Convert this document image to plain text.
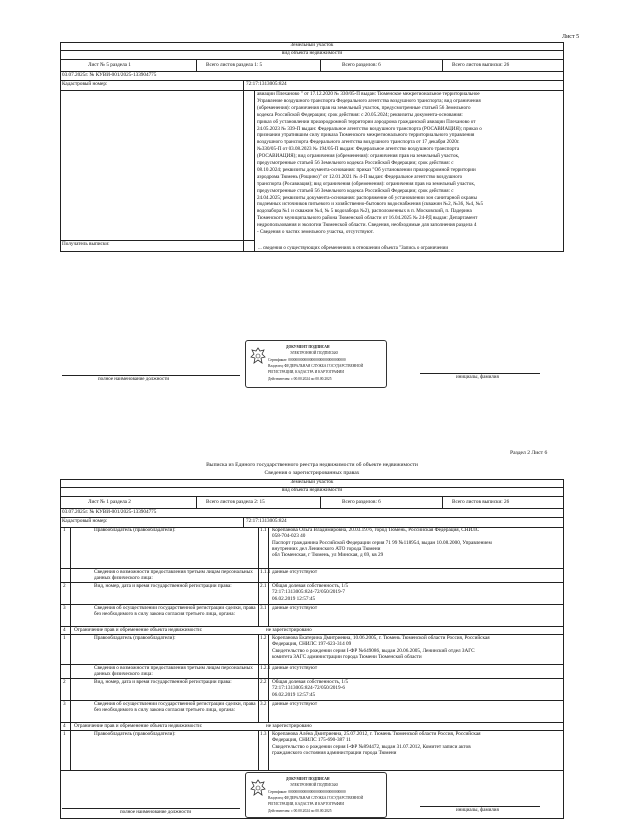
Лист 5
Земельный участок
вид объекта недвижимости
Лист № 5 раздела 1	Всего листов раздела 1: 5	Всего разделов: 6	Всего листов выписки: 26
03.07.2025г. № КУВИ-001/2025-133904775
Кадастровый номер:	72:17:1313005:824
авиации Плеханово " от 17.12.2020 № 330/05-П выдан: Тюменское межрегиональное территориальное
Управление воздушного транспорта Федерального агентства воздушного транспорта; вид ограничения
(обременения): ограничения прав на земельный участок, предусмотренные статьей 56 Земельного
кодекса Российской Федерации; срок действия: с 20.05.2024; реквизиты документа-основания:
приказ об установлении приаэродромной территории аэродрома гражданской авиации Плеханово от
24.05.2023 № 339-П выдан: Федеральное агентство воздушного транспорта (РОСАВИАЦИЯ); приказ о
признании утратившим силу приказа Тюменского межрегионального территориального управления
воздушного транспорта Федерального агентства воздушного транспорта от 17 декабря 2020г.
№330/05-П от 03.08.2023 № 194/05-П выдан: Федеральное агентство воздушного транспорта
(РОСАВИАЦИЯ); вид ограничения (обременения): ограничения прав на земельный участок,
предусмотренные статьей 56 Земельного кодекса Российской Федерации; срок действия: с
08.10.2024; реквизиты документа-основания: приказ "Об установлении приаэродромной территории
аэродрома Тюмень (Рощино)" от 12.01.2021 № 4-П выдан: Федеральное агентство воздушного
транспорта (Росавиация); вид ограничения (обременения): ограничения прав на земельный участок,
предусмотренные статьей 56 Земельного кодекса Российской Федерации; срок действия: с
24.04.2025; реквизиты документа-основания: распоряжение об установлении зон санитарной охраны
подземных источников питьевого и хозяйственно-бытового водоснабжения (скважин №2, №36, №4, №5
водозабора №1 и скважин №4, № 5 водозабора №2), расположенных в п. Московский, п. Падерина
Тюменского муниципального района Тюменской области от 16.04.2025 № 24-РД выдан: Департамент
недропользования и экологии Тюменской области. Сведения, необходимые для заполнения раздела 4
- Сведения о частях земельного участка, отсутствуют.
Получатель выписки:
... сведения о существующих обременениях в отношении объекта "Запись о ограничении
ДОКУМЕНТ ПОДПИСАН
ЭЛЕКТРОННОЙ ПОДПИСЬЮ
Сертификат: 00000000000000000000000000000000
Владелец: ФЕДЕРАЛЬНАЯ СЛУЖБА ГОСУДАРСТВЕННОЙ
РЕГИСТРАЦИИ, КАДАСТРА И КАРТОГРАФИИ
Действителен: с 00.00.2024 по 00.00.2025
полное наименование должности	инициалы, фамилия
Раздел 2 Лист 6
Выписка из Единого государственного реестра недвижимости об объекте недвижимости
Сведения о зарегистрированных правах
Земельный участок
вид объекта недвижимости
Лист № 1 раздела 2	Всего листов раздела 2: 15	Всего разделов: 6	Всего листов выписки: 26
03.07.2025г. № КУВИ-001/2025-133904775
Кадастровый номер:	72:17:1313005:824
1	Правообладатель (правообладатели):	1.1 Корепанова Ольга Владимировна, 20.03.1976, город Тюмень, Российская Федерация, СНИЛС
058-704-023 40
Паспорт гражданина Российской Федерации серия 71 99 №118954, выдан 10.08.2000, Управлением
внутренних дел Ленинского АТО города Тюмени
обл Тюменская, г Тюмень, ул Минская, д 69, кв 29
Сведения о возможности предоставления третьим лицам персональных данных физического лица:
1.1.1 данные отсутствуют
2	Вид, номер, дата и время государственной регистрации права:	2.1 Общая долевая собственность, 1/5
72:17:1313005:824-72/050/2019-7
06.02.2019 12:57:45
3	Сведения об осуществлении государственной регистрации сделки, права без необходимого в силу закона согласия третьего лица, органа:
3.1 данные отсутствуют
4 Ограничение прав и обременение объекта недвижимости:	не зарегистрировано
1	Правообладатель (правообладатели):	1.2 Корепанова Екатерина Дмитриевна, 10.06.2005, г. Тюмень Тюменской области Россия, Российская
Федерация, СНИЛС 197-623-314 09
Свидетельство о рождении серия I-ФР №649086, выдан 20.06.2005, Ленинский отдел ЗАГС
комитета ЗАГС администрации города Тюмени Тюменской области
Сведения о возможности предоставления третьим лицам персональных данных физического лица:
1.2.1 данные отсутствуют
2	Вид, номер, дата и время государственной регистрации права:	2.2 Общая долевая собственность, 1/5
72:17:1313005:824-72/050/2019-6
06.02.2019 12:57:45
3	Сведения об осуществлении государственной регистрации сделки, права без необходимого в силу закона согласия третьего лица, органа:
3.2 данные отсутствуют
4 Ограничение прав и обременение объекта недвижимости:	не зарегистрировано
1	Правообладатель (правообладатели):	1.3 Корепанова Алёна Дмитриевна, 25.07.2012, г. Тюмень Тюменской области Россия, Российская
Федерация, СНИЛС 175-690-387 11
Свидетельство о рождении серия I-ФР №894472, выдан 31.07.2012, Комитет записи актов
гражданского состояния администрации города Тюмени
ДОКУМЕНТ ПОДПИСАН
ЭЛЕКТРОННОЙ ПОДПИСЬЮ
Сертификат: 00000000000000000000000000000000
Владелец: ФЕДЕРАЛЬНАЯ СЛУЖБА ГОСУДАРСТВЕННОЙ
РЕГИСТРАЦИИ, КАДАСТРА И КАРТОГРАФИИ
Действителен: с 00.00.2024 по 00.00.2025
полное наименование должности	инициалы, фамилия
